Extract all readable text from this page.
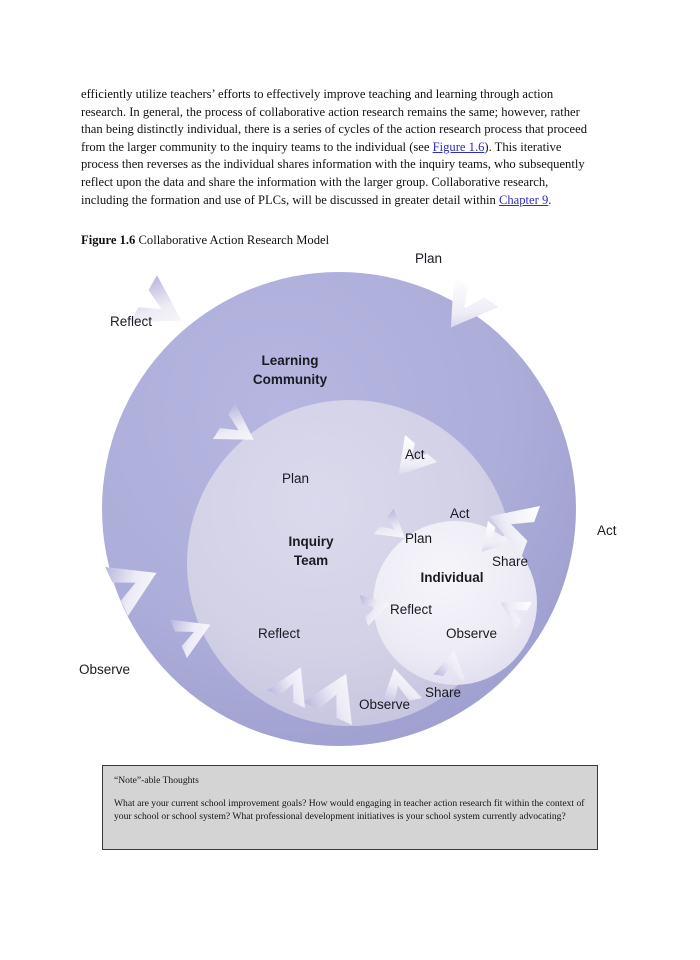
efficiently utilize teachers’ efforts to effectively improve teaching and learning through action research. In general, the process of collaborative action research remains the same; however, rather than being distinctly individual, there is a series of cycles of the action research process that proceed from the larger community to the inquiry teams to the individual (see Figure 1.6). This iterative process then reverses as the individual shares information with the inquiry teams, who subsequently reflect upon the data and share the information with the larger group. Collaborative research, including the formation and use of PLCs, will be discussed in greater detail within Chapter 9.

Figure 1.6 Collaborative Action Research Model
Plan
Reflect
Observe
Act
Learning
Community
Act
Plan
Reflect
Observe
Share
Inquiry
Team
Act
Plan
Share
Reflect
Observe
Individual

“Note”-able Thoughts

What are your current school improvement goals? How would engaging in teacher action research fit within the context of your school or school system? What professional development initiatives is your school system currently advocating?
